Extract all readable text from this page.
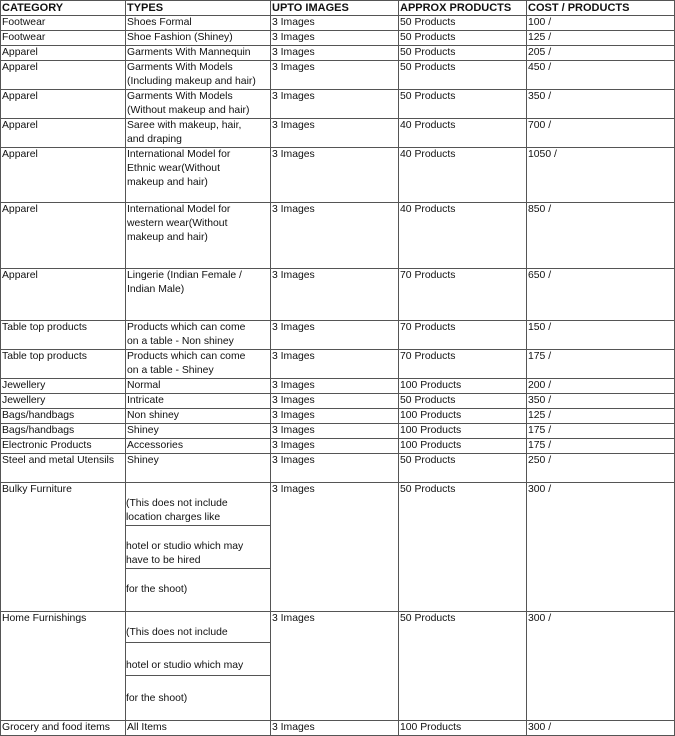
CATEGORY	TYPES	UPTO IMAGES	APPROX PRODUCTS	COST / PRODUCTS
Footwear	Shoes Formal	3 Images	50 Products	100 /
Footwear	Shoe Fashion (Shiney)	3 Images	50 Products	125 /
Apparel	Garments With Mannequin	3 Images	50 Products	205 /
Apparel	Garments With Models
(Including makeup and hair)	3 Images	50 Products	450 /
Apparel	Garments With Models
(Without makeup and hair)	3 Images	50 Products	350 /
Apparel	Saree with makeup, hair,
and draping	3 Images	40 Products	700 /
Apparel	International Model for
Ethnic wear(Without
makeup and hair)	3 Images	40 Products	1050 /
Apparel	International Model for
western wear(Without
makeup and hair)	3 Images	40 Products	850 /
Apparel	Lingerie (Indian Female /
Indian Male)	3 Images	70 Products	650 /
Table top products	Products which can come
on a table - Non shiney	3 Images	70 Products	150 /
Table top products	Products which can come
on a table - Shiney	3 Images	70 Products	175 /
Jewellery	Normal	3 Images	100 Products	200 /
Jewellery	Intricate	3 Images	50 Products	350 /
Bags/handbags	Non shiney	3 Images	100 Products	125 /
Bags/handbags	Shiney	3 Images	100 Products	175 /
Electronic Products	Accessories	3 Images	100 Products	175 /
Steel and metal Utensils	Shiney	3 Images	50 Products	250 /
Bulky Furniture	(This does not include
location charges like

hotel or studio which may
have to be hired

for the shoot)	3 Images	50 Products	300 /
Home Furnishings	(This does not include

hotel or studio which may

for the shoot)	3 Images	50 Products	300 /
Grocery and food items	All Items	3 Images	100 Products	300 /
